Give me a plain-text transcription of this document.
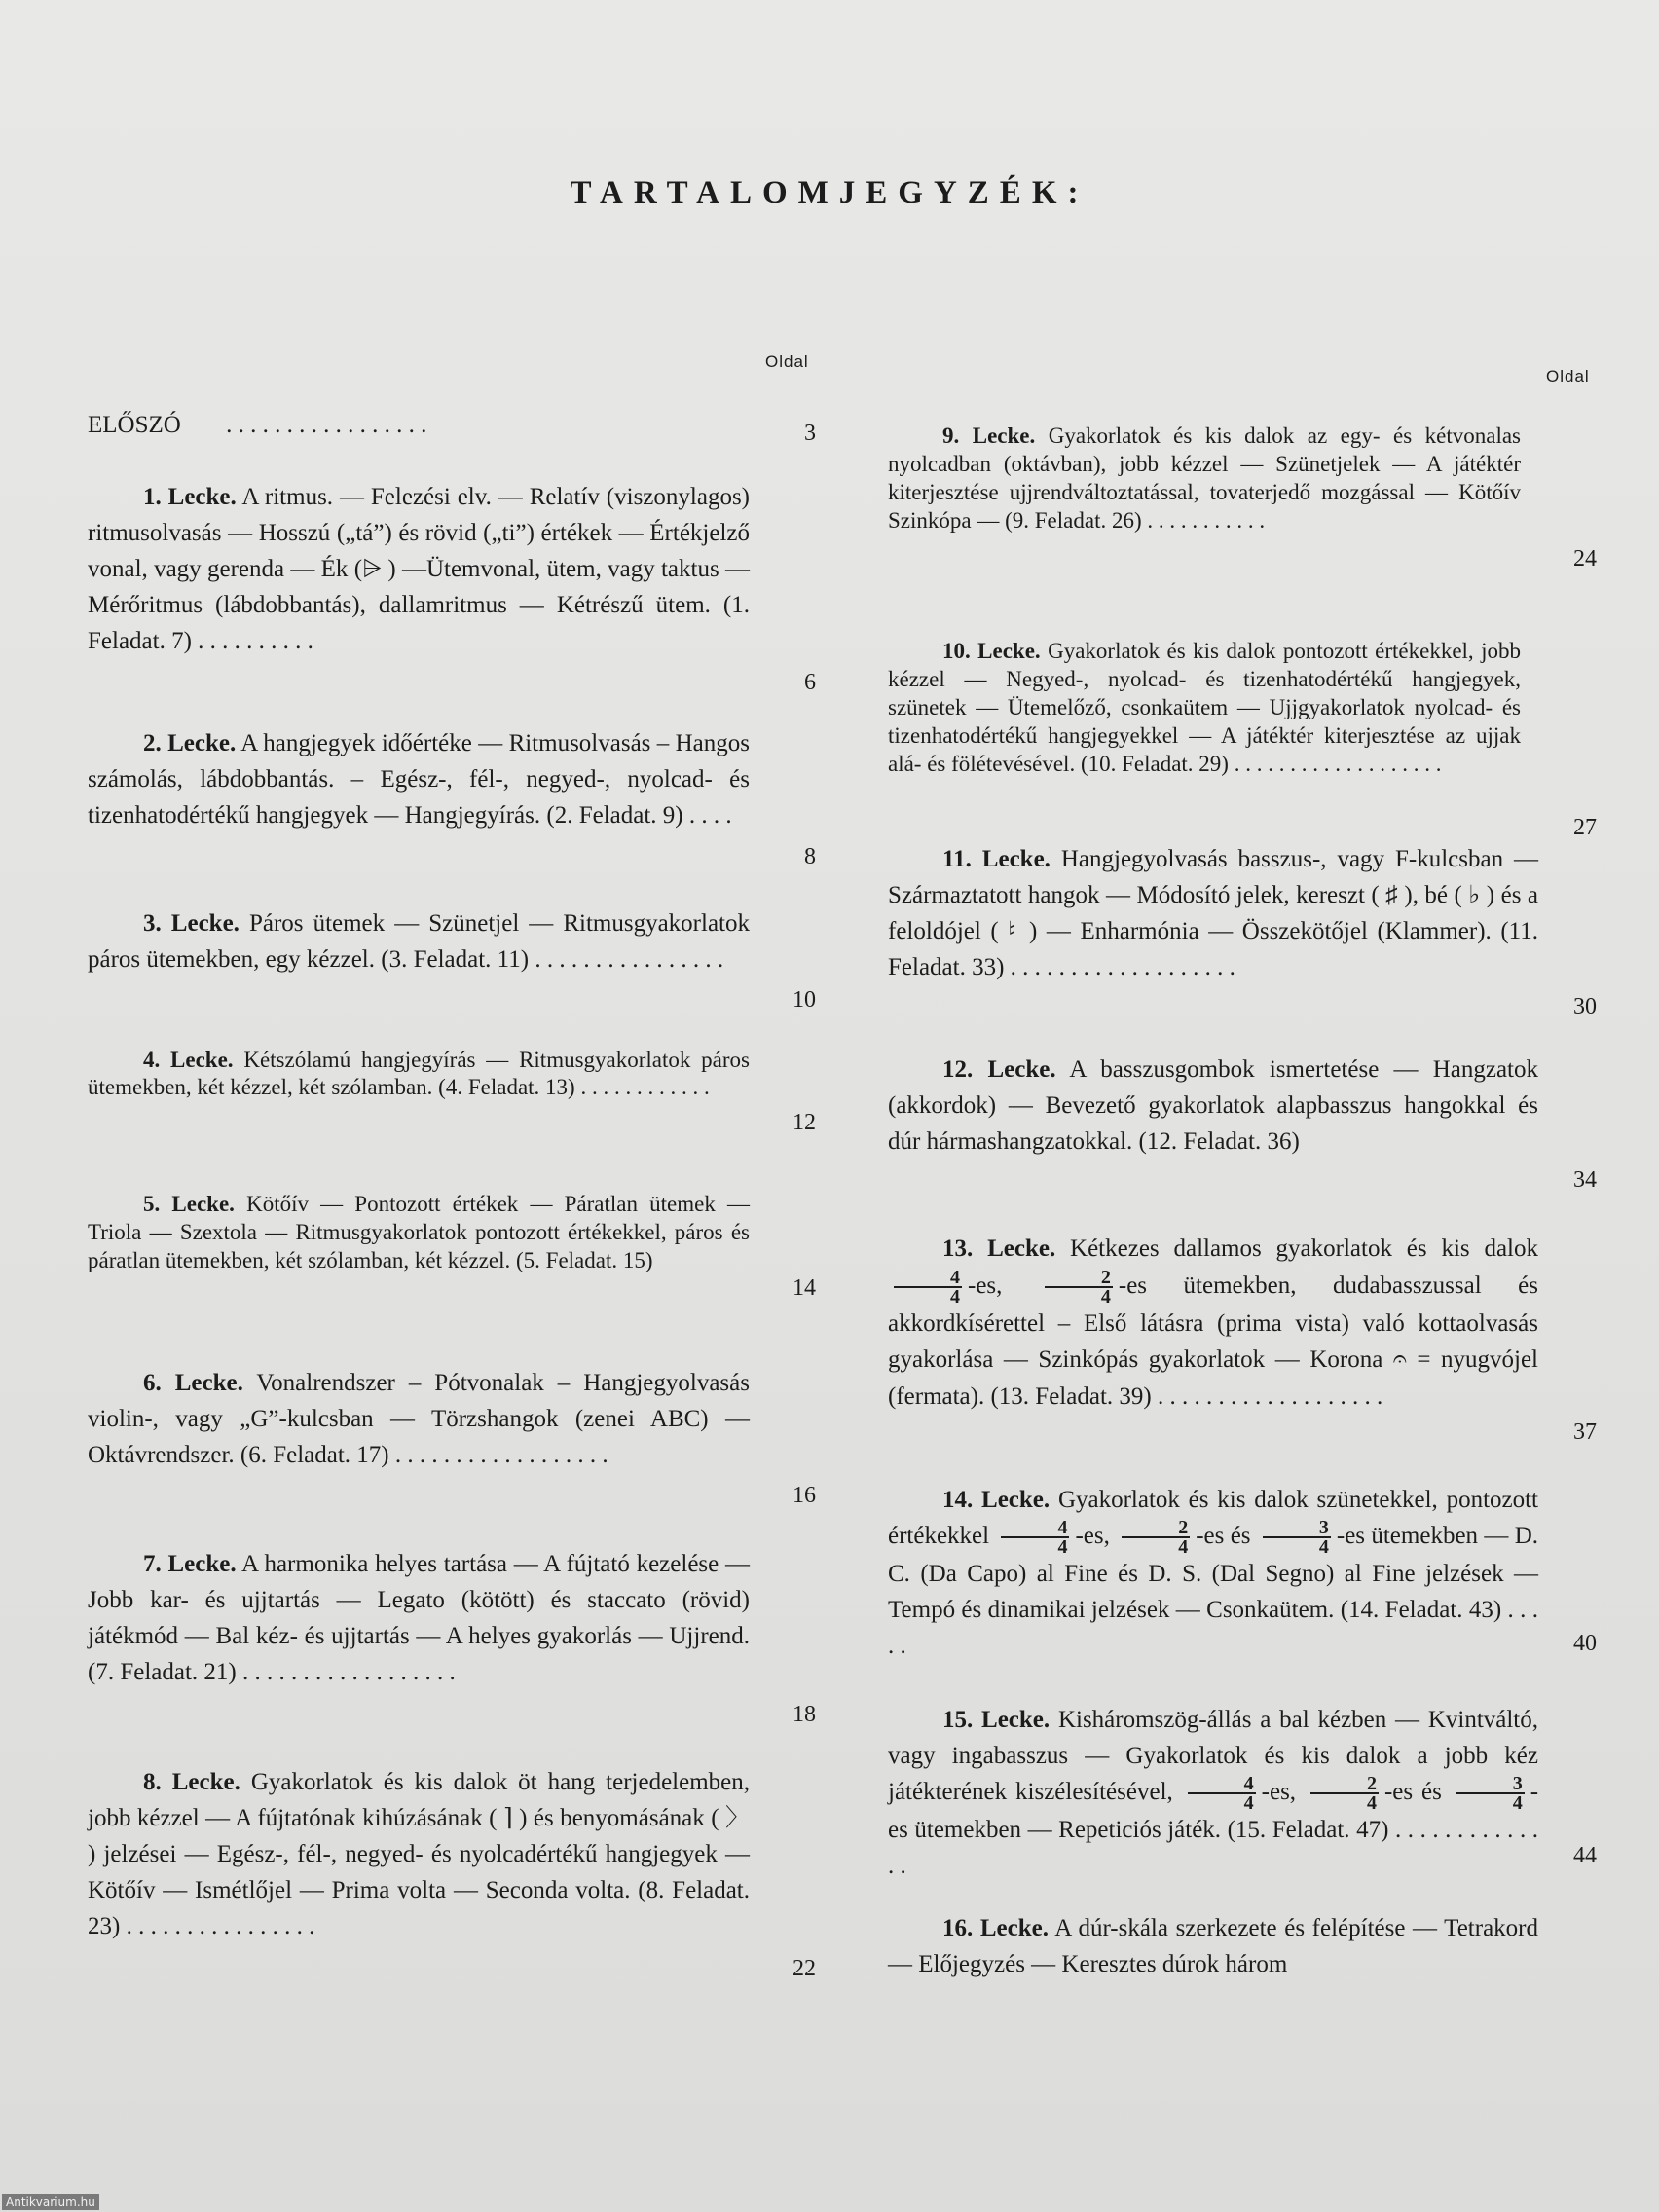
TARTALOMJEGYZÉK:
Oldal
Oldal
ELŐSZÓ . . . . . . . . . . . . . . . . .	3
1. Lecke. A ritmus. — Felezési elv. — Relatív (viszonylagos) ritmusolvasás — Hosszú („tá”) és rövid („ti”) értékek — Értékjelző vonal, vagy gerenda — Ék (⩥ ) —Ütemvonal, ütem, vagy taktus — Mérőritmus (lábdobbantás), dallamritmus — Kétrészű ütem. (1. Feladat. 7) . . . . . . . . . .
6
2. Lecke. A hangjegyek időértéke — Ritmusolvasás – Hangos számolás, lábdobbantás. – Egész-, fél-, negyed-, nyolcad- és tizenhatodértékű hangjegyek — Hangjegyírás. (2. Feladat. 9) . . . .
8
3. Lecke. Páros ütemek — Szünetjel — Ritmusgyakorlatok páros ütemekben, egy kézzel. (3. Feladat. 11) . . . . . . . . . . . . . . . .
10
4. Lecke. Kétszólamú hangjegyírás — Ritmusgyakorlatok páros ütemekben, két kézzel, két szólamban. (4. Feladat. 13) . . . . . . . . . . . .
12
5. Lecke. Kötőív — Pontozott értékek — Páratlan ütemek — Triola — Szextola — Ritmusgyakorlatok pontozott értékekkel, páros és páratlan ütemekben, két szólamban, két kézzel. (5. Feladat. 15)
14
6. Lecke. Vonalrendszer – Pótvonalak – Hangjegyolvasás violin-, vagy „G”-kulcsban — Törzshangok (zenei ABC) — Oktávrendszer. (6. Feladat. 17) . . . . . . . . . . . . . . . . . .
16
7. Lecke. A harmonika helyes tartása — A fújtató kezelése — Jobb kar- és ujjtartás — Legato (kötött) és staccato (rövid) játékmód — Bal kéz- és ujjtartás — A helyes gyakorlás — Ujjrend. (7. Feladat. 21) . . . . . . . . . . . . . . . . . .
18
8. Lecke. Gyakorlatok és kis dalok öt hang terjedelemben, jobb kézzel — A fújtatónak kihúzásának ( ⌉ ) és benyomásának ( 〉 ) jelzései — Egész-, fél-, negyed- és nyolcadértékű hangjegyek — Kötőív — Ismétlőjel — Prima volta — Seconda volta. (8. Feladat. 23) . . . . . . . . . . . . . . . .
22
9. Lecke. Gyakorlatok és kis dalok az egy- és kétvonalas nyolcadban (oktávban), jobb kézzel — Szünetjelek — A játéktér kiterjesztése ujjrendváltoztatással, tovaterjedő mozgással — Kötőív Szinkópa — (9. Feladat. 26) . . . . . . . . . . .
24
10. Lecke. Gyakorlatok és kis dalok pontozott értékekkel, jobb kézzel — Negyed-, nyolcad- és tizenhatodértékű hangjegyek, szünetek — Ütemelőző, csonkaütem — Ujjgyakorlatok nyolcad- és tizenhatodértékű hangjegyekkel — A játéktér kiterjesztése az ujjak alá- és fölétevésével. (10. Feladat. 29) . . . . . . . . . . . . . . . . . . .
27
11. Lecke. Hangjegyolvasás basszus-, vagy F-kulcsban — Származtatott hangok — Módosító jelek, kereszt ( ♯ ), bé ( ♭ ) és a feloldójel ( ♮ ) — Enharmónia — Összekötőjel (Klammer). (11. Feladat. 33) . . . . . . . . . . . . . . . . . . .
30
12. Lecke. A basszusgombok ismertetése — Hangzatok (akkordok) — Bevezető gyakorlatok alapbasszus hangokkal és dúr hármashangzatokkal. (12. Feladat. 36)
34
13. Lecke. Kétkezes dallamos gyakorlatok és kis dalok
$\frac{4}{4} -es$, $\frac{2}{4} -es$ ütemekben, dudabasszussal és akkordkísérettel – Első látásra (prima vista) való kottaolvasás gyakorlása — Szinkópás gyakorlatok — Korona 𝄐 = nyugvójel (fermata). (13. Feladat. 39) . . . . . . . . . . . . . . . . . . .
37
14. Lecke. Gyakorlatok és kis dalok szünetekkel, pontozott értékekkel $\frac{4}{4} -es$, $\frac{2}{4} -es$ és $\frac{3}{4} -es$ ütemekben — D. C. (Da Capo) al Fine és D. S. (Dal Segno) al Fine jelzések — Tempó és dinamikai jelzések — Csonkaütem. (14. Feladat. 43) . . . . .	40
15. Lecke. Kisháromszög-állás a bal kézben — Kvintváltó, vagy ingabasszus — Gyakorlatok és kis dalok a jobb kéz játékterének kiszélesítésével, $\frac{4}{4} -es$, $\frac{2}{4} -es$ és $\frac{3}{4} -es$ ütemekben — Repeticiós játék. (15. Feladat. 47) . . . . . . . . . . . . . .	44
16. Lecke. A dúr-skála szerkezete és felépítése — Tetrakord — Előjegyzés — Keresztes dúrok három
Antikvarium.hu
